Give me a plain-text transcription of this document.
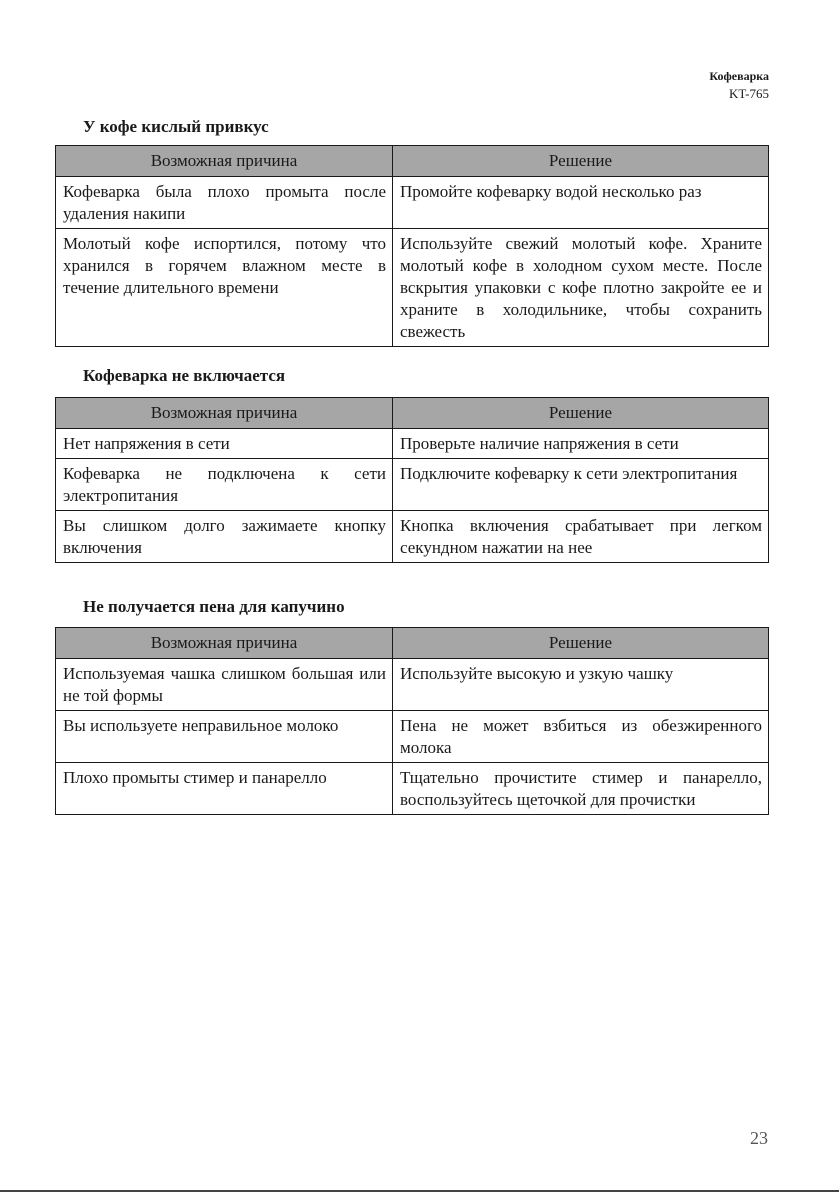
Кофеварка
KT-765
У кофе кислый привкус
Возможная причина	Решение
Кофеварка была плохо промыта после удаления накипи	Промойте кофеварку водой несколько раз
Молотый кофе испортился, потому что хранился в горячем влажном месте в течение длительного времени	Используйте свежий молотый кофе. Храните молотый кофе в холодном сухом месте. После вскрытия упаковки с кофе плотно закройте ее и храните в холодильнике, чтобы сохранить свежесть
Кофеварка не включается
Возможная причина	Решение
Нет напряжения в сети	Проверьте наличие напряжения в сети
Кофеварка не подключена к сети электропитания	Подключите кофеварку к сети электропитания
Вы слишком долго зажимаете кнопку включения	Кнопка включения срабатывает при легком секундном нажатии на нее
Не получается пена для капучино
Возможная причина	Решение
Используемая чашка слишком большая или не той формы	Используйте высокую и узкую чашку
Вы используете неправильное молоко	Пена не может взбиться из обезжиренного молока
Плохо промыты стимер и панарелло	Тщательно прочистите стимер и панарелло, воспользуйтесь щеточкой для прочистки
23
